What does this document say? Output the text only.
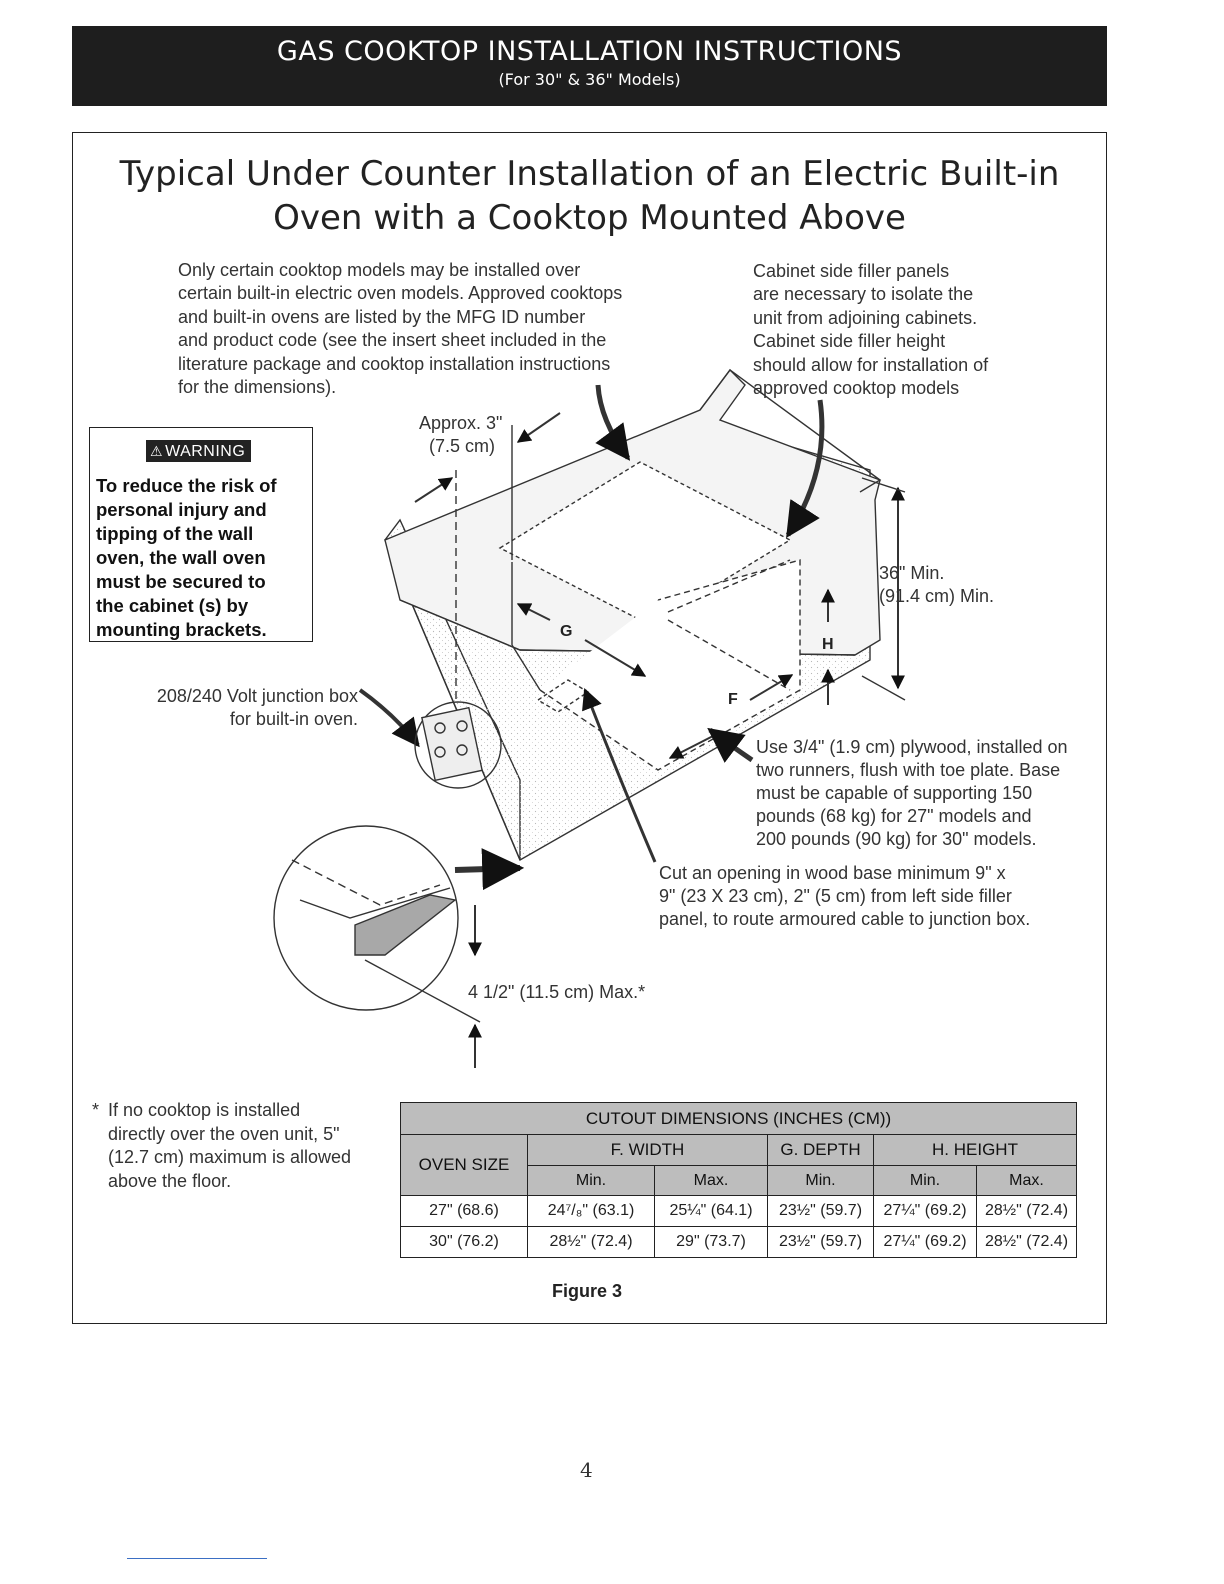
GAS COOKTOP INSTALLATION INSTRUCTIONS
(For 30" & 36" Models)
Typical Under Counter Installation of an Electric Built-in
Oven with a Cooktop Mounted Above
Only certain cooktop models may be installed over
certain built-in electric oven models. Approved cooktops
and built-in ovens are listed by the MFG ID number
and product code (see the insert sheet included in the
literature package and cooktop installation instructions
for the dimensions).
Cabinet side filler panels
are necessary to isolate the
unit from adjoining cabinets.
Cabinet side filler height
should allow for installation of
approved cooktop models
⚠ WARNING
To reduce the risk of
personal injury and
tipping of the wall
oven, the wall oven
must be secured to
the cabinet (s) by
mounting brackets.
Approx. 3"
(7.5 cm)
36" Min.
(91.4 cm) Min.
208/240 Volt junction box
for built-in oven.
Use 3/4" (1.9 cm) plywood, installed on
two runners, flush with toe plate. Base
must be capable of supporting 150
pounds (68 kg) for 27" models and
200 pounds (90 kg) for 30" models.
Cut an opening in wood base minimum 9" x
9" (23 X 23 cm), 2" (5 cm) from left side filler
panel, to route armoured cable to junction box.
4 1/2" (11.5 cm) Max.*
G
H
F
* If no cooktop is installed
directly over the oven unit, 5"
(12.7 cm) maximum is allowed
above the floor.
CUTOUT DIMENSIONS (INCHES (CM))					
OVEN SIZE	F. WIDTH		G. DEPTH	H. HEIGHT	
	Min.	Max.	Min.	Min.	Max.
27" (68.6)	24⁷/₈" (63.1)	25¼" (64.1)	23½" (59.7)	27¼" (69.2)	28½" (72.4)
30" (76.2)	28½" (72.4)	29" (73.7)	23½" (59.7)	27¼" (69.2)	28½" (72.4)
Figure 3
4
